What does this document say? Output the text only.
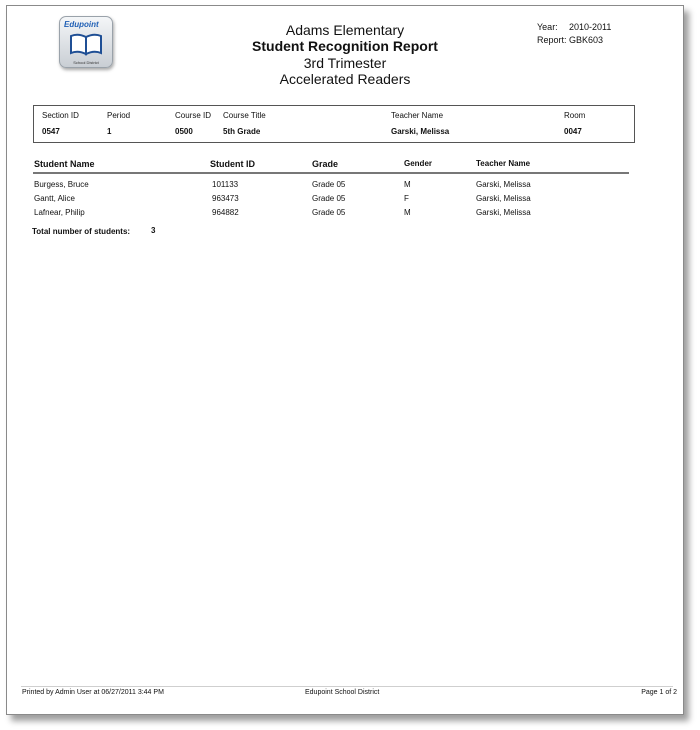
Edupoint
School District
Adams Elementary
Student Recognition Report
3rd Trimester
Accelerated Readers
Year: 2010-2011
Report: GBK603
Section ID	Period	Course ID Course Title	Teacher Name	Room
0547	1	0500	5th Grade	Garski, Melissa	0047
Student Name	Student ID	Grade	Gender	Teacher Name
Burgess, Bruce	101133	Grade 05	M	Garski, Melissa
Gantt, Alice	963473	Grade 05	F	Garski, Melissa
Lafnear, Philip	964882	Grade 05	M	Garski, Melissa
Total number of students:	3
Printed by Admin User at 06/27/2011 3:44 PM	Edupoint School District	Page 1 of 2
